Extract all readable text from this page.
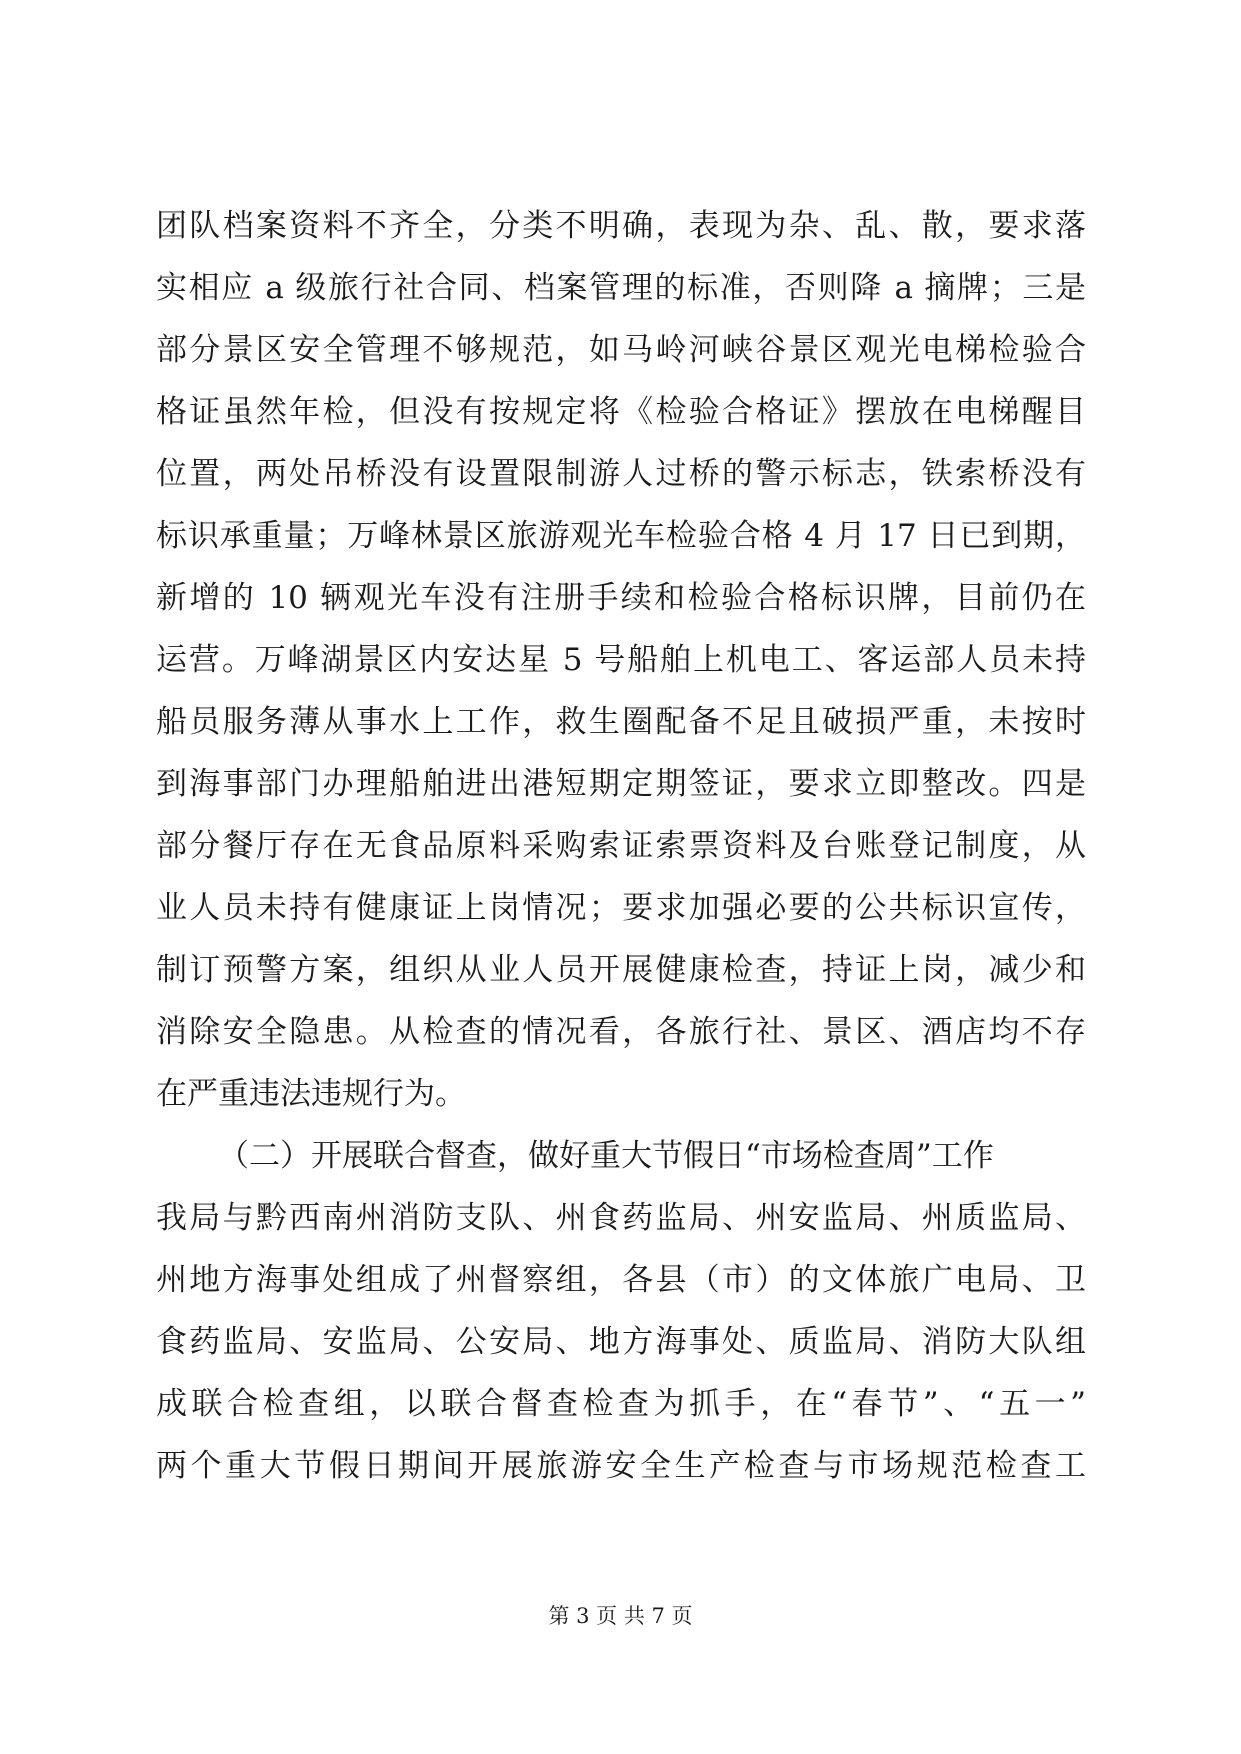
团队档案资料不齐全，分类不明确，表现为杂、乱、散，要求落
实相应 a 级旅行社合同、档案管理的标准，否则降 a 摘牌；三是
部分景区安全管理不够规范，如马岭河峡谷景区观光电梯检验合
格证虽然年检，但没有按规定将《检验合格证》摆放在电梯醒目
位置，两处吊桥没有设置限制游人过桥的警示标志，铁索桥没有
标识承重量；万峰林景区旅游观光车检验合格 4 月 17 日已到期，
新增的 10 辆观光车没有注册手续和检验合格标识牌，目前仍在
运营。万峰湖景区内安达星 5 号船舶上机电工、客运部人员未持
船员服务薄从事水上工作，救生圈配备不足且破损严重，未按时
到海事部门办理船舶进出港短期定期签证，要求立即整改。四是
部分餐厅存在无食品原料采购索证索票资料及台账登记制度，从
业人员未持有健康证上岗情况；要求加强必要的公共标识宣传，
制订预警方案，组织从业人员开展健康检查，持证上岗，减少和
消除安全隐患。从检查的情况看，各旅行社、景区、酒店均不存
在严重违法违规行为。
（二）开展联合督查，做好重大节假日“市场检查周”工作
我局与黔西南州消防支队、州食药监局、州安监局、州质监局、
州地方海事处组成了州督察组，各县（市）的文体旅广电局、卫
食药监局、安监局、公安局、地方海事处、质监局、消防大队组
成联合检查组，以联合督查检查为抓手，在“春节”、“五一”
两个重大节假日期间开展旅游安全生产检查与市场规范检查工
第 3 页 共 7 页
